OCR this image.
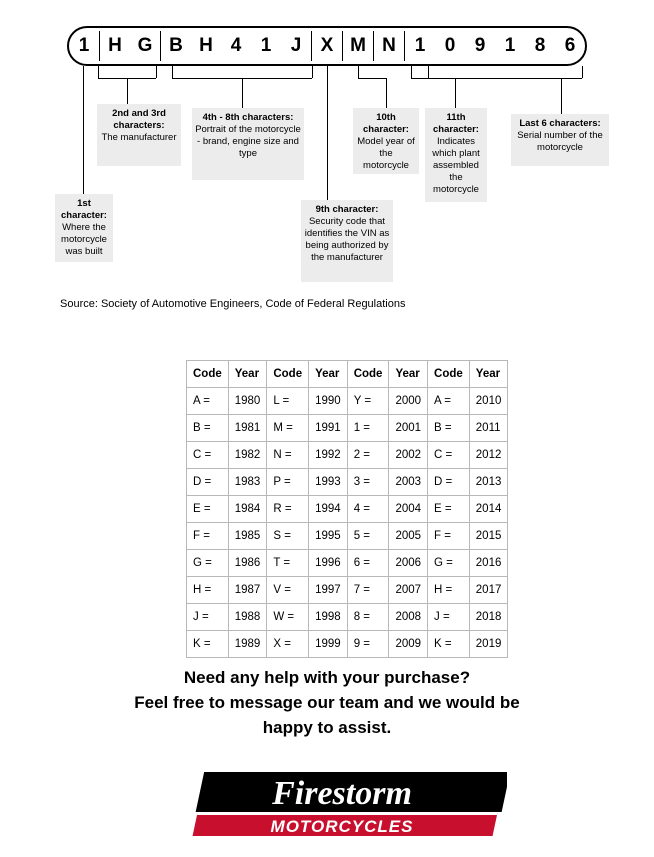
1 H G B H 4	1	J	X M N 1	0	9	1	8	6
1st character:
Where the motorcycle was built
2nd and 3rd characters:
The manufacturer
4th - 8th characters:
Portrait of the motorcycle - brand, engine size and type
9th character:
Security code that identifies the VIN as being authorized by the manufacturer
10th character:
Model year of the motorcycle
11th character:
Indicates which plant assembled the motorcycle
Last 6 characters:
Serial number of the motorcycle
Source: Society of Automotive Engineers, Code of Federal Regulations
Code	Year	Code	Year	Code	Year	Code	Year
A =	1980	L =	1990	Y =	2000	A =	2010
B =	1981	M =	1991	1 =	2001	B =	2011
C =	1982	N =	1992	2 =	2002	C =	2012
D =	1983	P =	1993	3 =	2003	D =	2013
E =	1984	R =	1994	4 =	2004	E =	2014
F =	1985	S =	1995	5 =	2005	F =	2015
G =	1986	T =	1996	6 =	2006	G =	2016
H =	1987	V =	1997	7 =	2007	H =	2017
J =	1988	W =	1998	8 =	2008	J =	2018
K =	1989	X =	1999	9 =	2009	K =	2019
Need any help with your purchase?
Feel free to message our team and we would be
happy to assist.
Firestorm
MOTORCYCLES
